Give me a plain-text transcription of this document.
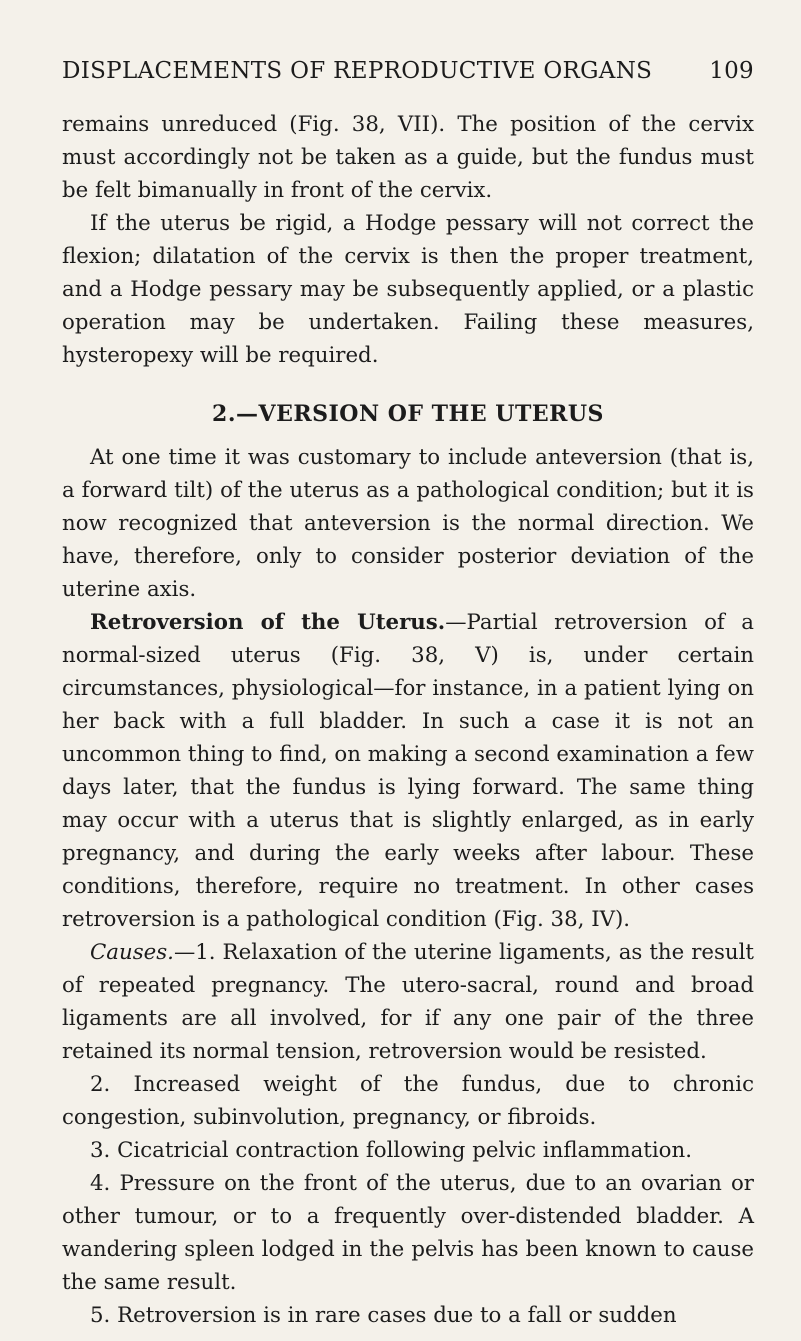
DISPLACEMENTS OF REPRODUCTIVE ORGANS 109

remains unreduced (Fig. 38, VII). The position of the cervix must accordingly not be taken as a guide, but the fundus must be felt bimanually in front of the cervix.

If the uterus be rigid, a Hodge pessary will not correct the flexion; dilatation of the cervix is then the proper treatment, and a Hodge pessary may be subsequently applied, or a plastic operation may be undertaken. Failing these measures, hysteropexy will be required.

2.—VERSION OF THE UTERUS

At one time it was customary to include anteversion (that is, a forward tilt) of the uterus as a pathological condition; but it is now recognized that anteversion is the normal direction. We have, therefore, only to consider posterior deviation of the uterine axis.

Retroversion of the Uterus.—Partial retroversion of a normal-sized uterus (Fig. 38, V) is, under certain circumstances, physiological—for instance, in a patient lying on her back with a full bladder. In such a case it is not an uncommon thing to find, on making a second examination a few days later, that the fundus is lying forward. The same thing may occur with a uterus that is slightly enlarged, as in early pregnancy, and during the early weeks after labour. These conditions, therefore, require no treatment. In other cases retroversion is a pathological condition (Fig. 38, IV).

Causes.—1. Relaxation of the uterine ligaments, as the result of repeated pregnancy. The utero-sacral, round and broad ligaments are all involved, for if any one pair of the three retained its normal tension, retroversion would be resisted.

2. Increased weight of the fundus, due to chronic congestion, subinvolution, pregnancy, or fibroids.

3. Cicatricial contraction following pelvic inflammation.

4. Pressure on the front of the uterus, due to an ovarian or other tumour, or to a frequently over-distended bladder. A wandering spleen lodged in the pelvis has been known to cause the same result.

5. Retroversion is in rare cases due to a fall or sudden
